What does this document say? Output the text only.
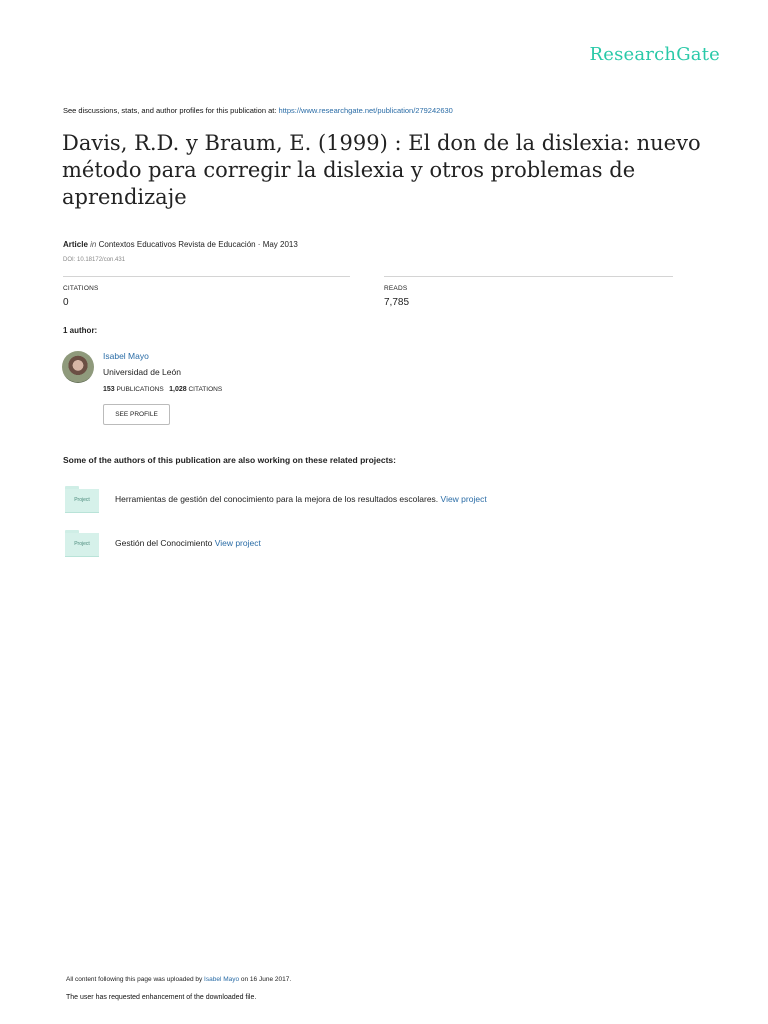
ResearchGate
See discussions, stats, and author profiles for this publication at: https://www.researchgate.net/publication/279242630
Davis, R.D. y Braum, E. (1999) : El don de la dislexia: nuevo método para corregir la dislexia y otros problemas de aprendizaje
Article in Contextos Educativos Revista de Educación · May 2013
DOI: 10.18172/con.431
CITATIONS
0
READS
7,785
1 author:
Isabel Mayo
Universidad de León
153 PUBLICATIONS 1,028 CITATIONS
SEE PROFILE
Some of the authors of this publication are also working on these related projects:
Project	Herramientas de gestión del conocimiento para la mejora de los resultados escolares. View project
Project	Gestión del Conocimiento View project
All content following this page was uploaded by Isabel Mayo on 16 June 2017.
The user has requested enhancement of the downloaded file.
